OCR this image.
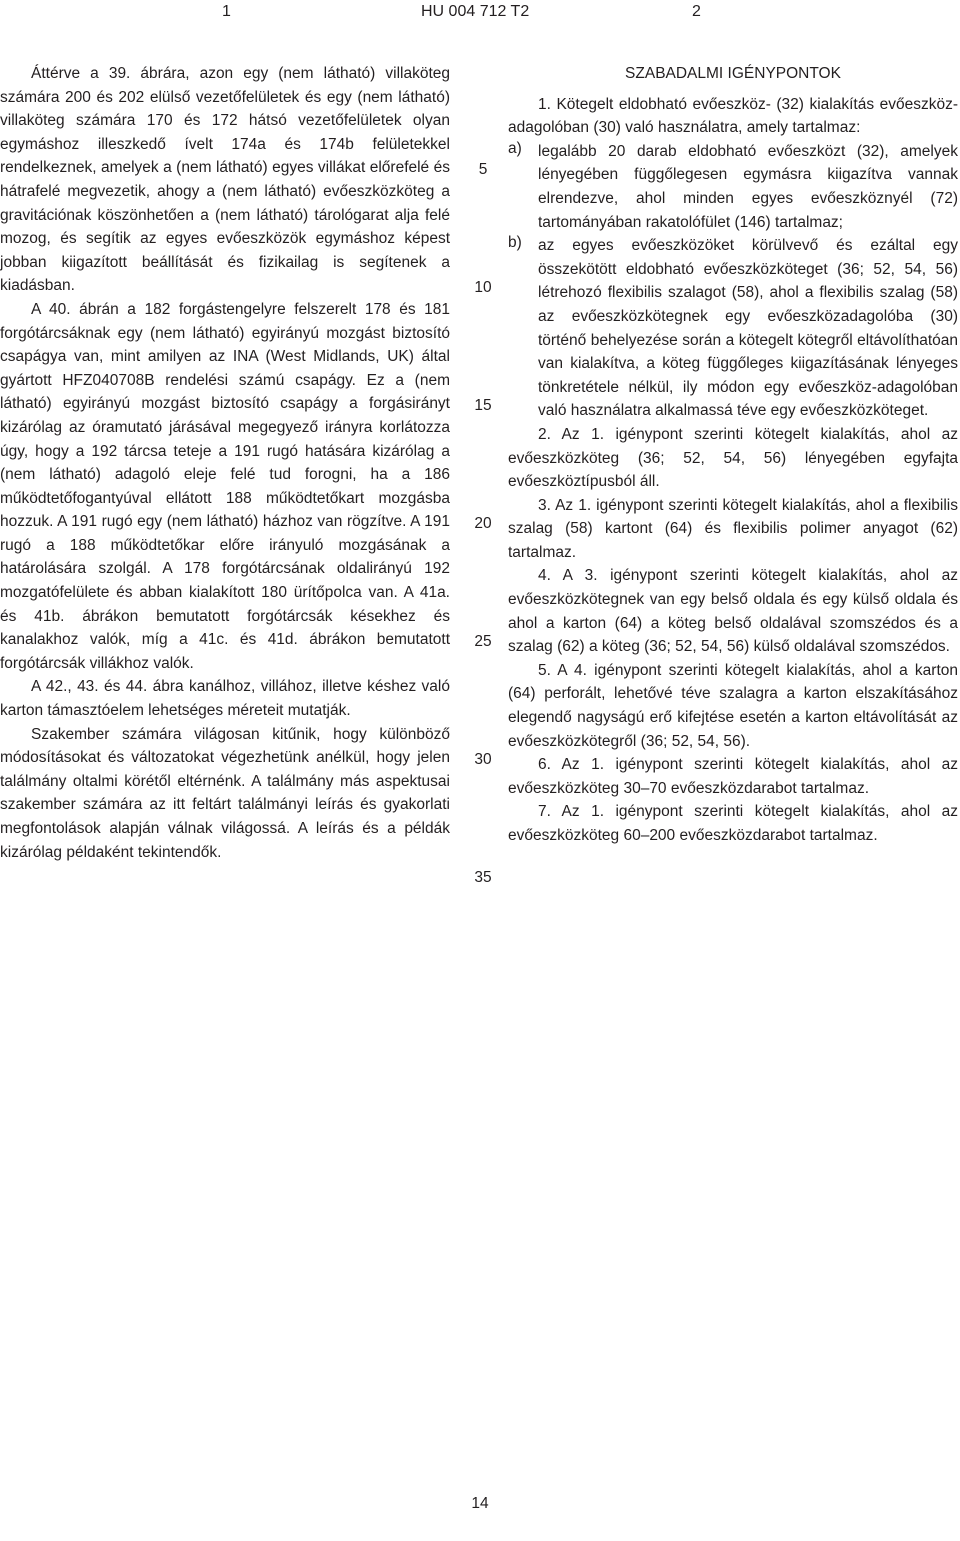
1	HU 004 712 T2	2

Áttérve a 39. ábrára, azon egy (nem látható) villaköteg számára 200 és 202 elülső vezetőfelületek és egy (nem látható) villaköteg számára 170 és 172 hátsó vezetőfelületek olyan egymáshoz illeszkedő ívelt 174a és 174b felületekkel rendelkeznek, amelyek a (nem látható) egyes villákat előrefelé és hátrafelé megvezetik, ahogy a (nem látható) evőeszközköteg a gravitációnak köszönhetően a (nem látható) tárológarat alja felé mozog, és segítik az egyes evőeszközök egymáshoz képest jobban kiigazított beállítását és fizikailag is segítenek a kiadásban.

A 40. ábrán a 182 forgástengelyre felszerelt 178 és 181 forgótárcsáknak egy (nem látható) egyirányú mozgást biztosító csapágya van, mint amilyen az INA (West Midlands, UK) által gyártott HFZ040708B rendelési számú csapágy. Ez a (nem látható) egyirányú mozgást biztosító csapágy a forgásirányt kizárólag az óramutató járásával megegyező irányra korlátozza úgy, hogy a 192 tárcsa teteje a 191 rugó hatására kizárólag a (nem látható) adagoló eleje felé tud forogni, ha a 186 működtetőfogantyúval ellátott 188 működtetőkart mozgásba hozzuk. A 191 rugó egy (nem látható) házhoz van rögzítve. A 191 rugó a 188 működtetőkar előre irányuló mozgásának a határolására szolgál. A 178 forgótárcsának oldalirányú 192 mozgatófelülete és abban kialakított 180 ürítőpolca van. A 41a. és 41b. ábrákon bemutatott forgótárcsák késekhez és kanalakhoz valók, míg a 41c. és 41d. ábrákon bemutatott forgótárcsák villákhoz valók.

A 42., 43. és 44. ábra kanálhoz, villához, illetve késhez való karton támasztóelem lehetséges méreteit mutatják.

Szakember számára világosan kitűnik, hogy különböző módosításokat és változatokat végezhetünk anélkül, hogy jelen találmány oltalmi körétől eltérnénk. A találmány más aspektusai szakember számára az itt feltárt találmányi leírás és gyakorlati megfontolások alapján válnak világossá. A leírás és a példák kizárólag példaként tekintendők.

5
10
15
20
25
30
35

SZABADALMI IGÉNYPONTOK

1. Kötegelt eldobható evőeszköz- (32) kialakítás evőeszköz-adagolóban (30) való használatra, amely tartalmaz:

a)	legalább 20 darab eldobható evőeszközt (32), amelyek lényegében függőlegesen egymásra kiigazítva vannak elrendezve, ahol minden egyes evőeszköznyél (72) tartományában rakatolófület (146) tartalmaz;
b)	az egyes evőeszközöket körülvevő és ezáltal egy összekötött eldobható evőeszközköteget (36; 52, 54, 56) létrehozó flexibilis szalagot (58), ahol a flexibilis szalag (58) az evőeszközkötegnek egy evőeszközadagolóba (30) történő behelyezése során a kötegelt kötegről eltávolíthatóan van kialakítva, a köteg függőleges kiigazításának lényeges tönkretétele nélkül, ily módon egy evőeszköz-adagolóban való használatra alkalmassá téve egy evőeszközköteget.

2. Az 1. igénypont szerinti kötegelt kialakítás, ahol az evőeszközköteg (36; 52, 54, 56) lényegében egyfajta evőeszköztípusból áll.

3. Az 1. igénypont szerinti kötegelt kialakítás, ahol a flexibilis szalag (58) kartont (64) és flexibilis polimer anyagot (62) tartalmaz.

4. A 3. igénypont szerinti kötegelt kialakítás, ahol az evőeszközkötegnek van egy belső oldala és egy külső oldala és ahol a karton (64) a köteg belső oldalával szomszédos és a szalag (62) a köteg (36; 52, 54, 56) külső oldalával szomszédos.

5. A 4. igénypont szerinti kötegelt kialakítás, ahol a karton (64) perforált, lehetővé téve szalagra a karton elszakításához elegendő nagyságú erő kifejtése esetén a karton eltávolítását az evőeszközkötegről (36; 52, 54, 56).

6. Az 1. igénypont szerinti kötegelt kialakítás, ahol az evőeszközköteg 30–70 evőeszközdarabot tartalmaz.

7. Az 1. igénypont szerinti kötegelt kialakítás, ahol az evőeszközköteg 60–200 evőeszközdarabot tartalmaz.

14
